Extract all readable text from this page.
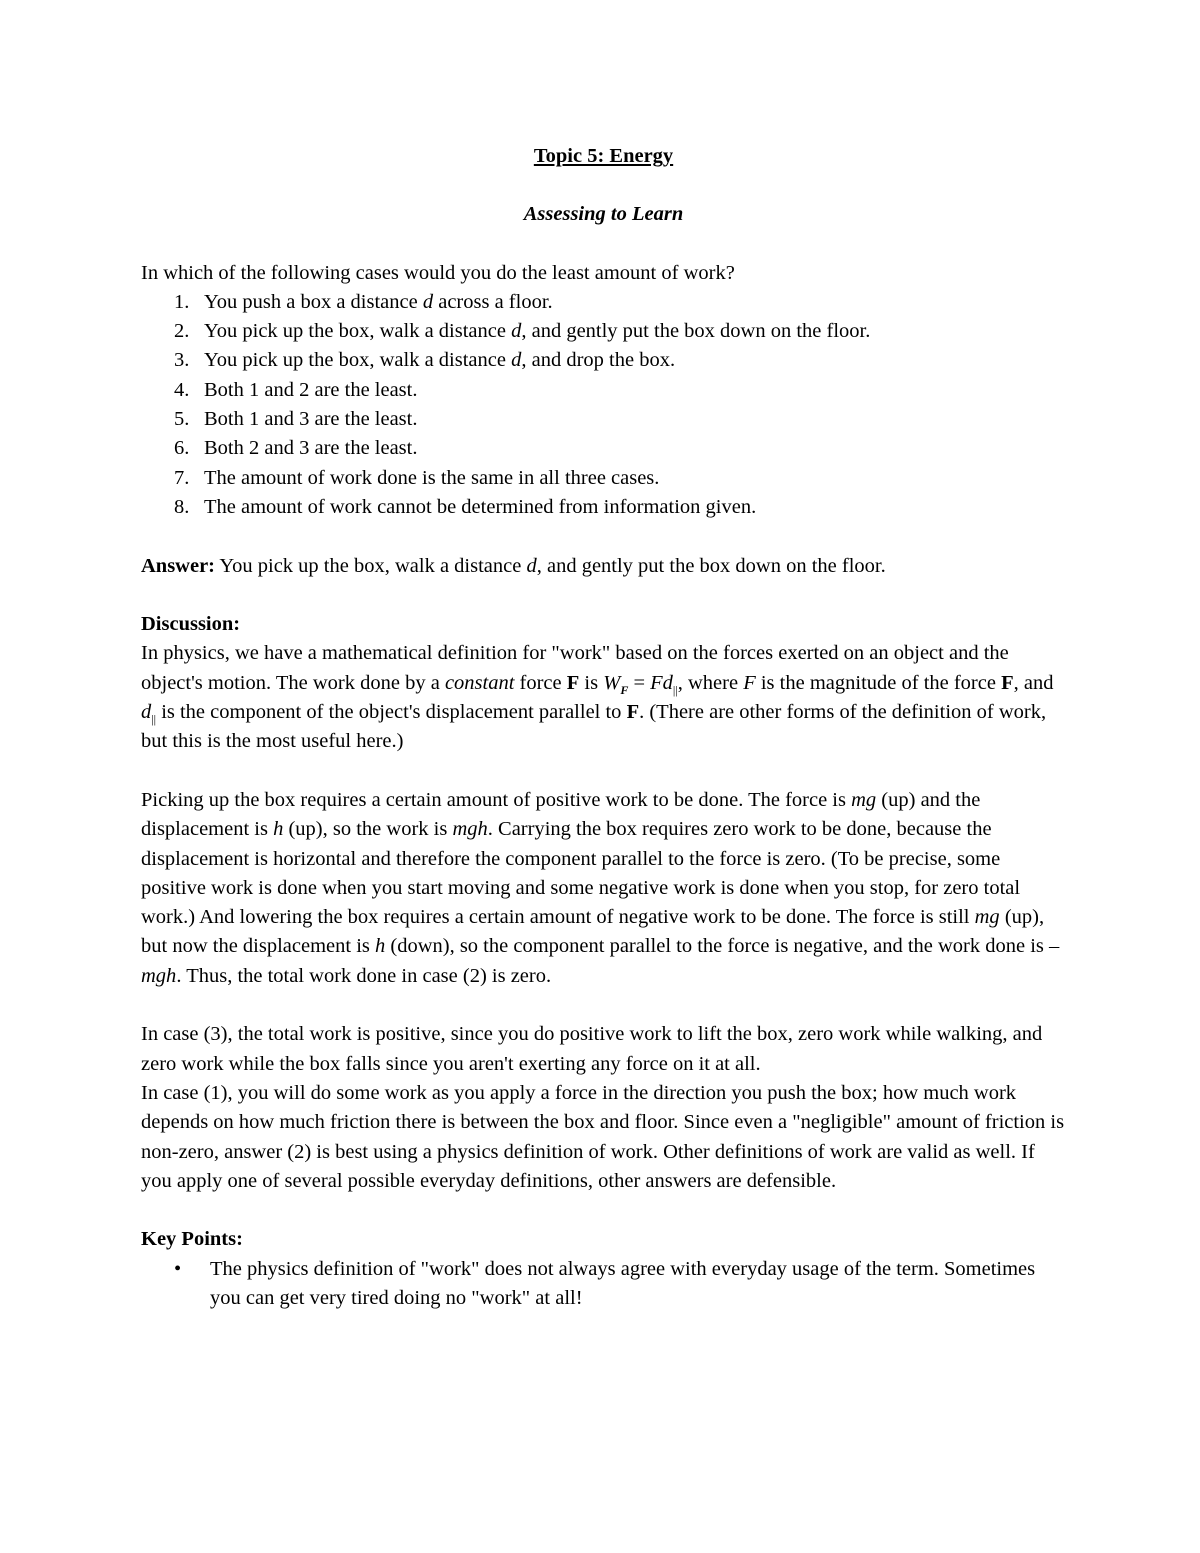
Topic 5: Energy
Assessing to Learn

In which of the following cases would you do the least amount of work?

1. You push a box a distance d across a floor.
2. You pick up the box, walk a distance d, and gently put the box down on the floor.
3. You pick up the box, walk a distance d, and drop the box.
4. Both 1 and 2 are the least.
5. Both 1 and 3 are the least.
6. Both 2 and 3 are the least.
7. The amount of work done is the same in all three cases.
8. The amount of work cannot be determined from information given.

Answer: You pick up the box, walk a distance d, and gently put the box down on the floor.

Discussion:

In physics, we have a mathematical definition for "work" based on the forces exerted on an object and the object's motion. The work done by a constant force F is $W_F = Fd_{||}$, where F is the magnitude of the force F, and $d_{||}$ is the component of the object's displacement parallel to F. (There are other forms of the definition of work, but this is the most useful here.)

Picking up the box requires a certain amount of positive work to be done. The force is mg (up) and the displacement is h (up), so the work is mgh. Carrying the box requires zero work to be done, because the displacement is horizontal and therefore the component parallel to the force is zero. (To be precise, some positive work is done when you start moving and some negative work is done when you stop, for zero total work.) And lowering the box requires a certain amount of negative work to be done. The force is still mg (up), but now the displacement is h (down), so the component parallel to the force is negative, and the work done is –mgh. Thus, the total work done in case (2) is zero.

In case (3), the total work is positive, since you do positive work to lift the box, zero work while walking, and zero work while the box falls since you aren't exerting any force on it at all.

In case (1), you will do some work as you apply a force in the direction you push the box; how much work depends on how much friction there is between the box and floor. Since even a "negligible" amount of friction is non-zero, answer (2) is best using a physics definition of work. Other definitions of work are valid as well. If you apply one of several possible everyday definitions, other answers are defensible.

Key Points:

•	The physics definition of "work" does not always agree with everyday usage of the term. Sometimes you can get very tired doing no "work" at all!
